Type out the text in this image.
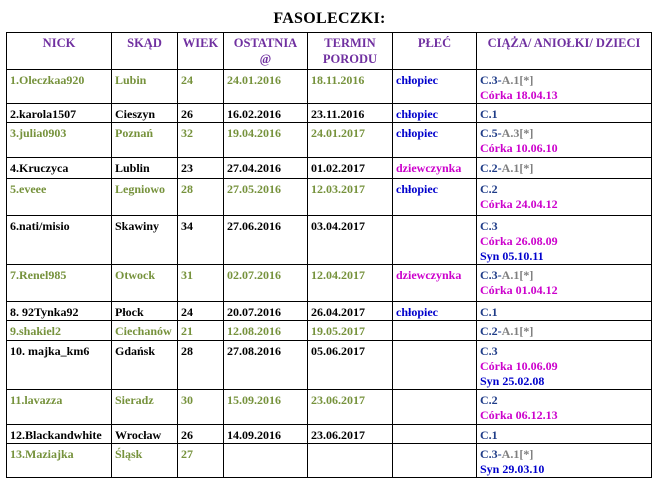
FASOLECZKI:
NICK	SKĄD	WIEK	OSTATNIA @	TERMIN PORODU	PŁEĆ	CIĄŻA/ ANIOŁKI/ DZIECI
1.Oleczkaa920	Lubin	24	24.01.2016	18.11.2016	chłopiec	C.3-A.1[*]
Córka 18.04.13

2.karola1507	Cieszyn	26	16.02.2016	23.11.2016	chłopiec	C.1

3.julia0903	Poznań	32	19.04.2016	24.01.2017	chłopiec	C.5-A.3[*]
Córka 10.06.10

4.Kruczyca	Lublin	23	27.04.2016	01.02.2017	dziewczynka	C.2-A.1[*]

5.eveee	Legniowo	28	27.05.2016	12.03.2017	chłopiec	C.2
Córka 24.04.12

6.nati/misio	Skawiny	34	27.06.2016	03.04.2017		C.3
Córka 26.08.09
Syn 05.10.11

7.Renel985	Otwock	31	02.07.2016	12.04.2017	dziewczynka	C.3-A.1[*]
Córka 01.04.12

8. 92Tynka92	Płock	24	20.07.2016	26.04.2017	chłopiec	C.1

9.shakiel2	Ciechanów	21	12.08.2016	19.05.2017		C.2-A.1[*]

10. majka_km6	Gdańsk	28	27.08.2016	05.06.2017		C.3
Córka 10.06.09
Syn 25.02.08

11.lavazza	Sieradz	30	15.09.2016	23.06.2017		C.2
Córka 06.12.13

12.Blackandwhite	Wrocław	26	14.09.2016	23.06.2017		C.1

13.Maziajka	Śląsk	27				C.3-A.1[*]
Syn 29.03.10
